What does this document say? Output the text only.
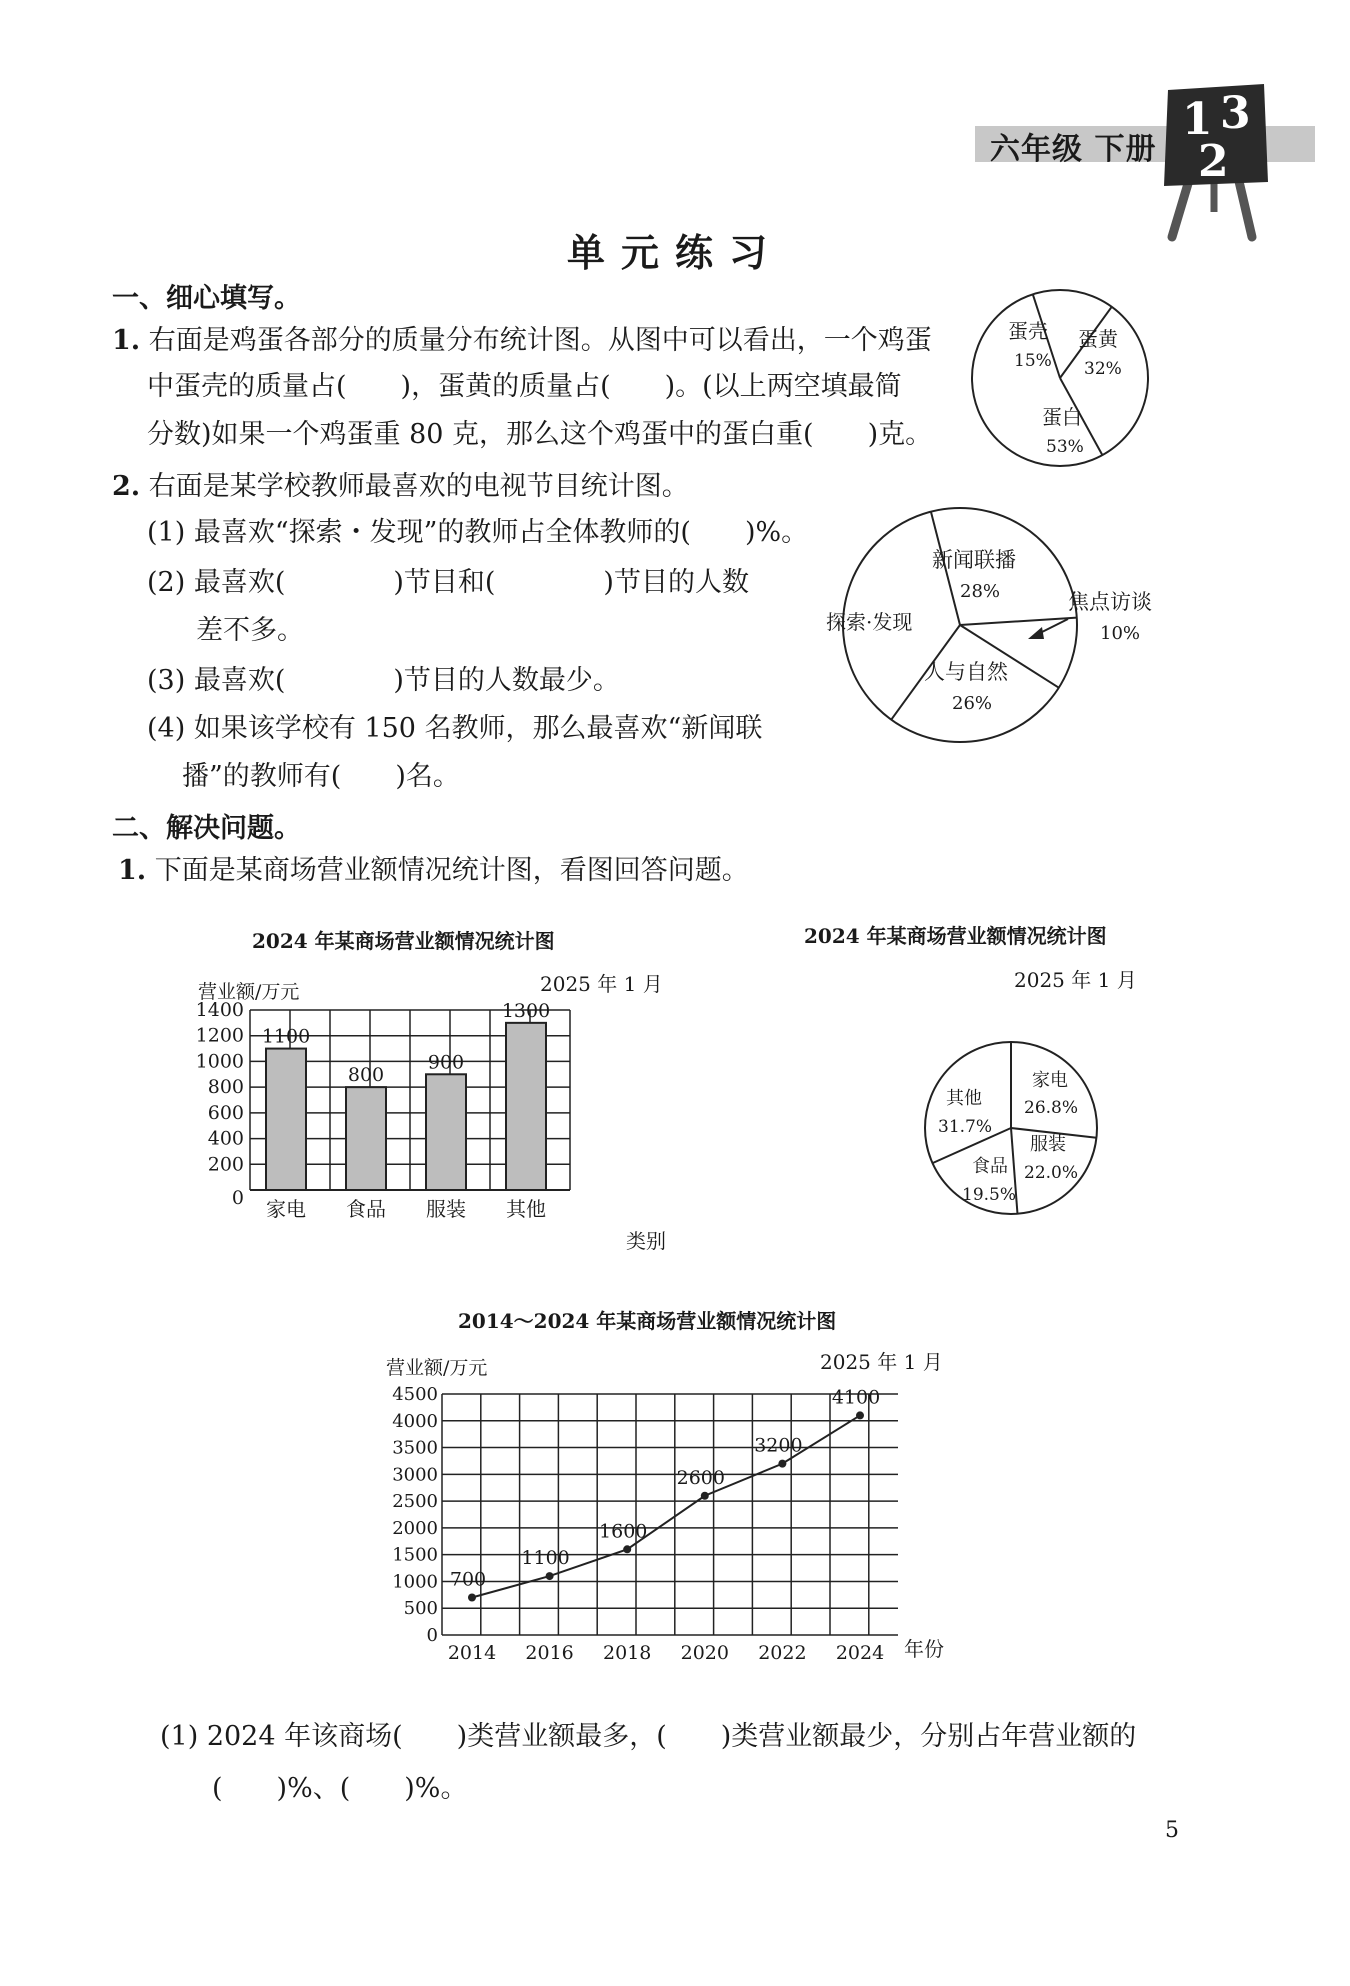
六年级 下册
1 3
2
单元练习
一、细心填写。
1. 右面是鸡蛋各部分的质量分布统计图。从图中可以看出，一个鸡蛋
中蛋壳的质量占(　　)，蛋黄的质量占(　　)。(以上两空填最简
分数)如果一个鸡蛋重 80 克，那么这个鸡蛋中的蛋白重(　　)克。
2. 右面是某学校教师最喜欢的电视节目统计图。
(1) 最喜欢“探索・发现”的教师占全体教师的(　　)%。
(2) 最喜欢(　　　　)节目和(　　　　)节目的人数
差不多。
(3) 最喜欢(　　　　)节目的人数最少。
(4) 如果该学校有 150 名教师，那么最喜欢“新闻联
播”的教师有(　　)名。
蛋壳
15%
蛋黄
32%
蛋白
53%
新闻联播
28%	焦点访谈
10%
人与自然
26%
探索·发现
二、解决问题。
1. 下面是某商场营业额情况统计图，看图回答问题。
2024 年某商场营业额情况统计图
2025 年 1 月
0
200
400
600
800
1000
1200
1400
1100
800
900
1300
家电 食品 服装 其他
营业额/万元
类别
2024 年某商场营业额情况统计图
2025 年 1 月
家电
26.8%
服装
22.0%
食品
19.5%
其他
31.7%
2014～2024 年某商场营业额情况统计图
2025 年 1 月
0
500
1000
1500
2000
2500
3000
3500
4000
4500
2014 2016 2018 2020 2022 2024
700
1100
1600
2600
3200
4100
营业额/万元
年份
(1) 2024 年该商场(　　)类营业额最多，(　　)类营业额最少，分别占年营业额的
(　　)%、(　　)%。
5
